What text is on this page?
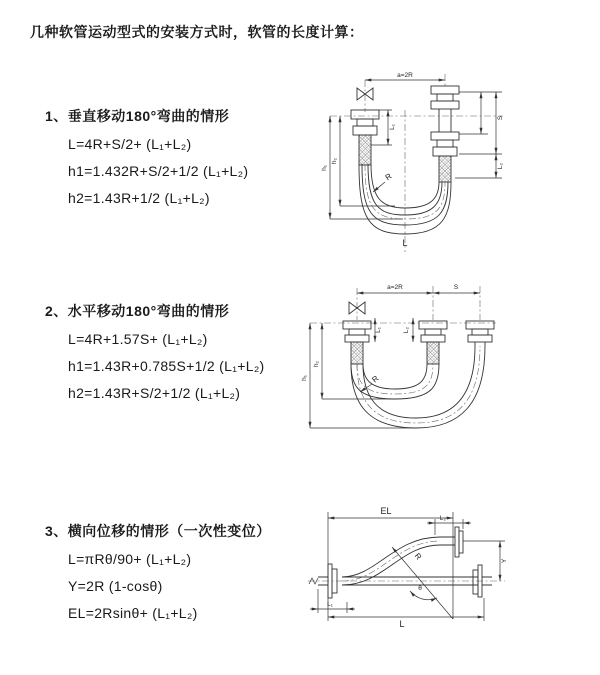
几种软管运动型式的安装方式时，软管的长度计算：
1、垂直移动180°弯曲的情形
L=4R+S/2+ (L₁+L₂)
h1=1.432R+S/2+1/2 (L₁+L₂)
h2=1.43R+1/2 (L₁+L₂)
2、水平移动180°弯曲的情形
L=4R+1.57S+ (L₁+L₂)
h1=1.43R+0.785S+1/2 (L₁+L₂)
h2=1.43R+S/2+1/2 (L₁+L₂)
3、横向位移的情形（一次性变位）
L=πRθ/90+ (L₁+L₂)
Y=2R (1-cosθ)
EL=2Rsinθ+ (L₁+L₂)
a=2R
S
L₂
L₁
h₁
h₂
R
L
a=2R	S
h₁
h₂
L₁	L₂
R
EL
L₂
Y
R
θ
L
L₁
